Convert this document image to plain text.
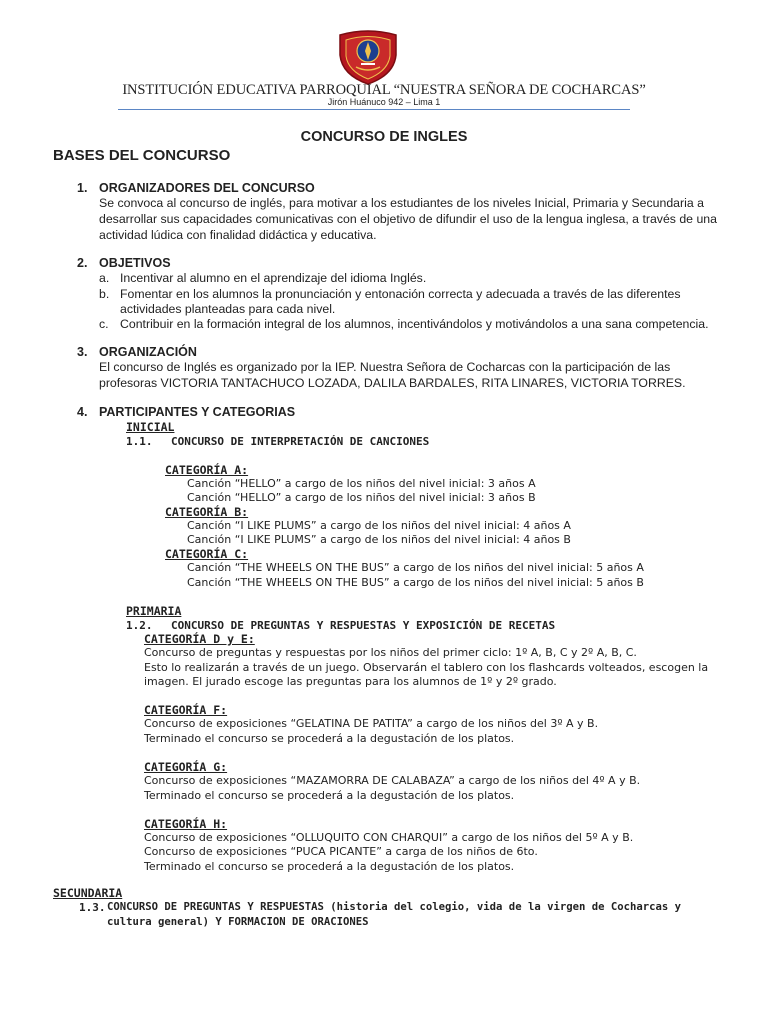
INSTITUCIÓN EDUCATIVA PARROQUIAL “NUESTRA SEÑORA DE COCHARCAS”
Jirón Huánuco 942 – Lima 1
CONCURSO DE INGLES
BASES DEL CONCURSO
1. ORGANIZADORES DEL CONCURSO
Se convoca al concurso de inglés, para motivar a los estudiantes de los niveles Inicial, Primaria y Secundaria a
desarrollar sus capacidades comunicativas con el objetivo de difundir el uso de la lengua inglesa, a través de una
actividad lúdica con finalidad didáctica y educativa.
2. OBJETIVOS
a. Incentivar al alumno en el aprendizaje del idioma Inglés.
b. Fomentar en los alumnos la pronunciación y entonación correcta y adecuada a través de las diferentes
actividades planteadas para cada nivel.
c. Contribuir en la formación integral de los alumnos, incentivándolos y motivándolos a una sana competencia.
3. ORGANIZACIÓN
El concurso de Inglés es organizado por la IEP. Nuestra Señora de Cocharcas con la participación de las
profesoras VICTORIA TANTACHUCO LOZADA, DALILA BARDALES, RITA LINARES, VICTORIA TORRES.
4. PARTICIPANTES Y CATEGORIAS
INICIAL
1.1. CONCURSO DE INTERPRETACIÓN DE CANCIONES
CATEGORÍA A:
Canción “HELLO” a cargo de los niños del nivel inicial: 3 años A
Canción “HELLO” a cargo de los niños del nivel inicial: 3 años B
CATEGORÍA B:
Canción “I LIKE PLUMS” a cargo de los niños del nivel inicial: 4 años A
Canción “I LIKE PLUMS” a cargo de los niños del nivel inicial: 4 años B
CATEGORÍA C:
Canción “THE WHEELS ON THE BUS” a cargo de los niños del nivel inicial: 5 años A
Canción “THE WHEELS ON THE BUS” a cargo de los niños del nivel inicial: 5 años B
PRIMARIA
1.2. CONCURSO DE PREGUNTAS Y RESPUESTAS Y EXPOSICIÓN DE RECETAS
CATEGORÍA D y E:
Concurso de preguntas y respuestas por los niños del primer ciclo: 1º A, B, C y 2º A, B, C.
Esto lo realizarán a través de un juego. Observarán el tablero con los flashcards volteados, escogen la
imagen. El jurado escoge las preguntas para los alumnos de 1º y 2º grado.
CATEGORÍA F:
Concurso de exposiciones “GELATINA DE PATITA” a cargo de los niños del 3º A y B.
Terminado el concurso se procederá a la degustación de los platos.
CATEGORÍA G:
Concurso de exposiciones “MAZAMORRA DE CALABAZA” a cargo de los niños del 4º A y B.
Terminado el concurso se procederá a la degustación de los platos.
CATEGORÍA H:
Concurso de exposiciones “OLLUQUITO CON CHARQUI” a cargo de los niños del 5º A y B.
Concurso de exposiciones “PUCA PICANTE” a carga de los niños de 6to.
Terminado el concurso se procederá a la degustación de los platos.
SECUNDARIA
1.3. CONCURSO DE PREGUNTAS Y RESPUESTAS (historia del colegio, vida de la virgen de Cocharcas y
cultura general) Y FORMACION DE ORACIONES
